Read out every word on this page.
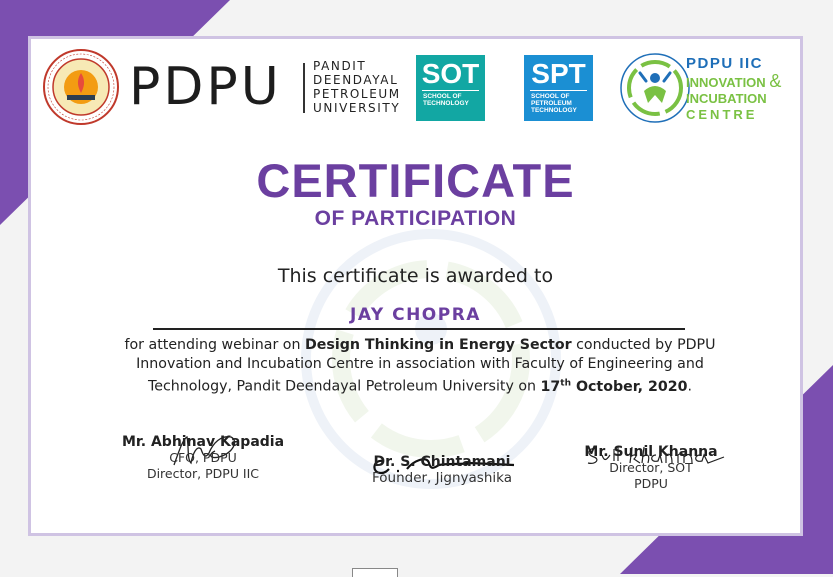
PDPU	PANDIT
DEENDAYAL
PETROLEUM
UNIVERSITY
SOT
SCHOOL OF
TECHNOLOGY
SPT
SCHOOL OF
PETROLEUM
TECHNOLOGY
PDPU IIC
INNOVATION &
INCUBATION
CENTRE
CERTIFICATE
OF PARTICIPATION
This certificate is awarded to
JAY CHOPRA
for attending webinar on Design Thinking in Energy Sector conducted by PDPU Innovation and Incubation Centre in association with Faculty of Engineering and Technology, Pandit Deendayal Petroleum University on 17th October, 2020.
Mr. Abhinav Kapadia
CFO, PDPU
Director, PDPU IIC
Dr. S. Chintamani
Founder, Jignyashika
Mr. Sunil Khanna
Director, SOT
PDPU
